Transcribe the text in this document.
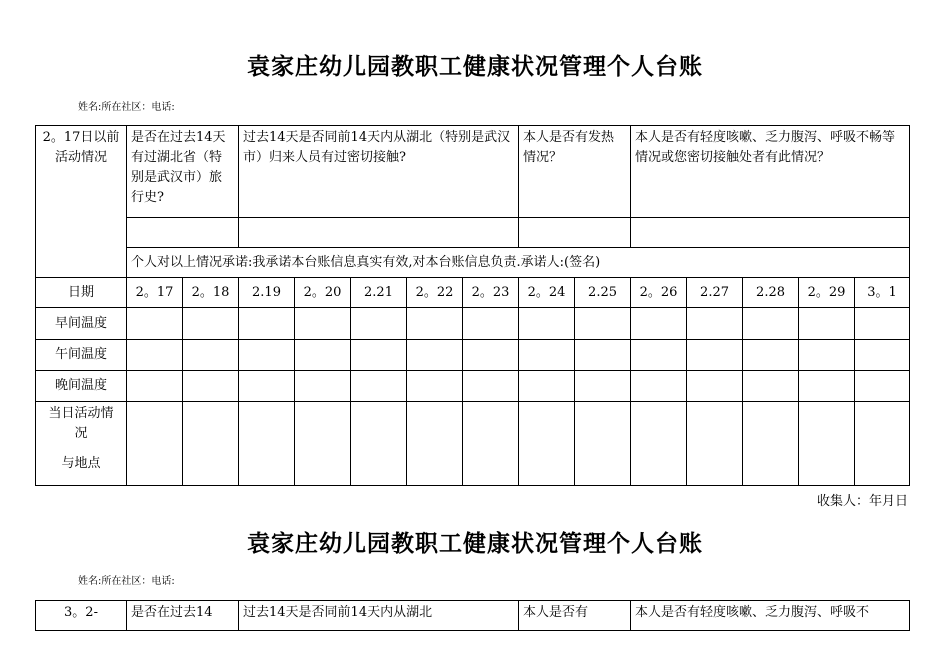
袁家庄幼儿园教职工健康状况管理个人台账
姓名:所在社区：电话:
2。17日以前活动情况	是否在过去14天有过湖北省（特别是武汉市）旅行史?		过去14天是否同前14天内从湖北（特别是武汉市）归来人员有过密切接触?					本人是否有发热情况？		本人是否有轻度咳嗽、乏力腹泻、呼吸不畅等情况或您密切接触处者有此情况？				

	个人对以上情况承诺:我承诺本台账信息真实有效,对本台账信息负责.承诺人:(签名)													
日期	2。17	2。18	2.19	2。20	2.21	2。22	2。23	2。24	2.25	2。26	2.27	2.28	2。29	3。1
早间温度														
午间温度														
晚间温度														

当日活动情况
与地点														

收集人：年月日
袁家庄幼儿园教职工健康状况管理个人台账
姓名:所在社区：电话:
3。2-	是否在过去14	过去14天是否同前14天内从湖北	本人是否有	本人是否有轻度咳嗽、乏力腹泻、呼吸不
